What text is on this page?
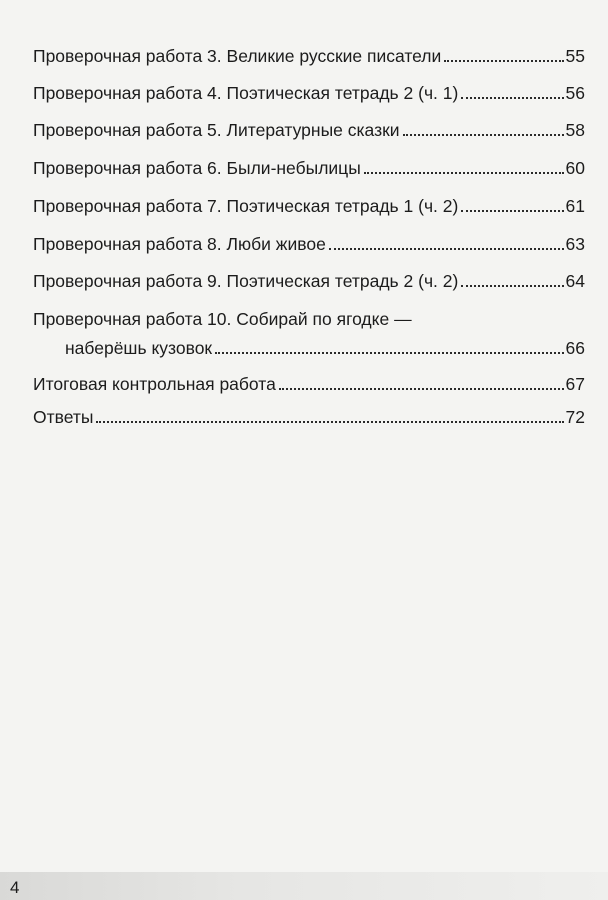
Проверочная работа 3. Великие русские писатели	55
Проверочная работа 4. Поэтическая тетрадь 2 (ч. 1)	56
Проверочная работа 5. Литературные сказки	58
Проверочная работа 6. Были-небылицы	60
Проверочная работа 7. Поэтическая тетрадь 1 (ч. 2)	61
Проверочная работа 8. Люби живое	63
Проверочная работа 9. Поэтическая тетрадь 2 (ч. 2)	64
Проверочная работа 10. Собирай по ягодке —
наберёшь кузовок	66
Итоговая контрольная работа	67
Ответы	72
4
